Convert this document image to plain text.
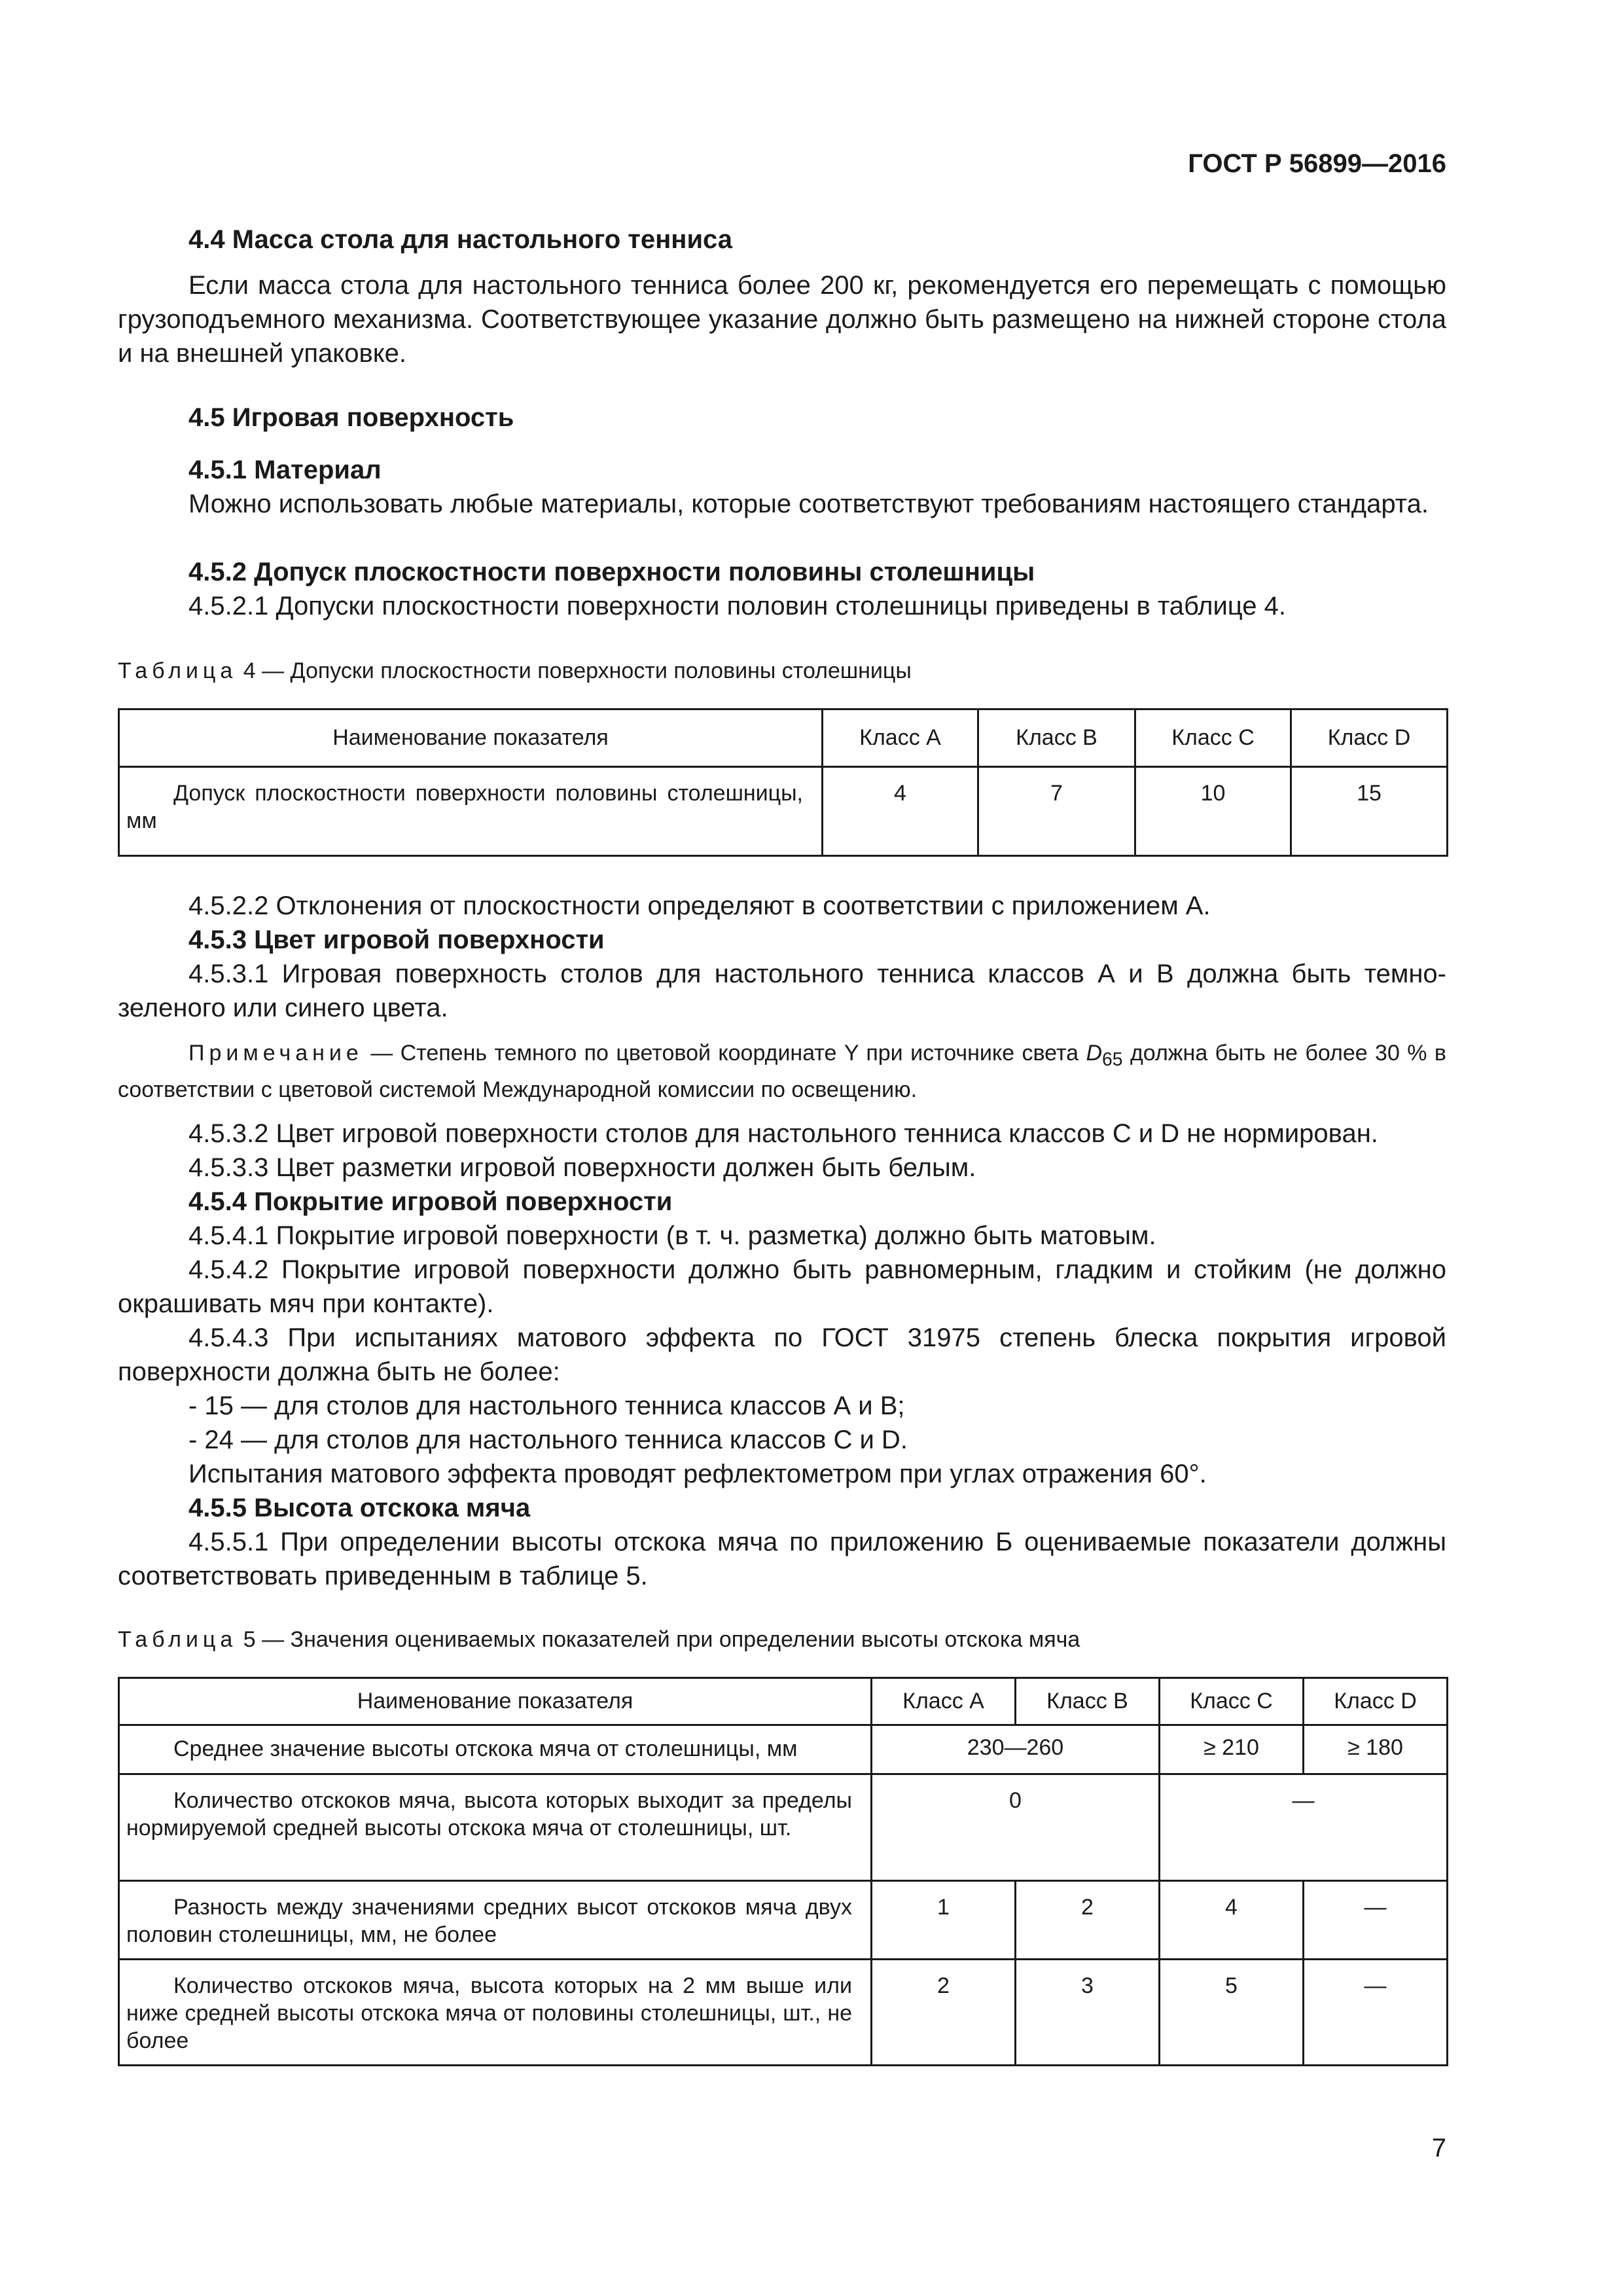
ГОСТ Р 56899—2016
4.4 Масса стола для настольного тенниса
Если масса стола для настольного тенниса более 200 кг, рекомендуется его перемещать с помощью грузоподъемного механизма. Соответствующее указание должно быть размещено на нижней стороне стола и на внешней упаковке.
4.5 Игровая поверхность
4.5.1 Материал
Можно использовать любые материалы, которые соответствуют требованиям настоящего стандарта.
4.5.2 Допуск плоскостности поверхности половины столешницы
4.5.2.1 Допуски плоскостности поверхности половин столешницы приведены в таблице 4.
Таблица 4 — Допуски плоскостности поверхности половины столешницы
Наименование показателя	Класс А	Класс В	Класс С	Класс D
Допуск плоскостности поверхности половины столешницы, мм	4	7	10	15
4.5.2.2 Отклонения от плоскостности определяют в соответствии с приложением А.
4.5.3 Цвет игровой поверхности
4.5.3.1 Игровая поверхность столов для настольного тенниса классов А и В должна быть темно-зеленого или синего цвета.
Примечание — Степень темного по цветовой координате Y при источнике света $D_{65}$ должна быть не более 30 % в соответствии с цветовой системой Международной комиссии по освещению.
4.5.3.2 Цвет игровой поверхности столов для настольного тенниса классов С и D не нормирован.
4.5.3.3 Цвет разметки игровой поверхности должен быть белым.
4.5.4 Покрытие игровой поверхности
4.5.4.1 Покрытие игровой поверхности (в т. ч. разметка) должно быть матовым.
4.5.4.2 Покрытие игровой поверхности должно быть равномерным, гладким и стойким (не должно окрашивать мяч при контакте).
4.5.4.3 При испытаниях матового эффекта по ГОСТ 31975 степень блеска покрытия игровой поверхности должна быть не более:
- 15 — для столов для настольного тенниса классов А и В;
- 24 — для столов для настольного тенниса классов С и D.
Испытания матового эффекта проводят рефлектометром при углах отражения 60°.
4.5.5 Высота отскока мяча
4.5.5.1 При определении высоты отскока мяча по приложению Б оцениваемые показатели должны соответствовать приведенным в таблице 5.
Таблица 5 — Значения оцениваемых показателей при определении высоты отскока мяча
Наименование показателя	Класс А	Класс В	Класс С	Класс D
Среднее значение высоты отскока мяча от столешницы, мм	230—260		≥ 210	≥ 180
Количество отскоков мяча, высота которых выходит за пределы нормируемой средней высоты отскока мяча от столешницы, шт.	0		—	
Разность между значениями средних высот отскоков мяча двух половин столешницы, мм, не более	1	2	4	—
Количество отскоков мяча, высота которых на 2 мм выше или ниже средней высоты отскока мяча от половины столешницы, шт., не более	2	3	5	—
7
